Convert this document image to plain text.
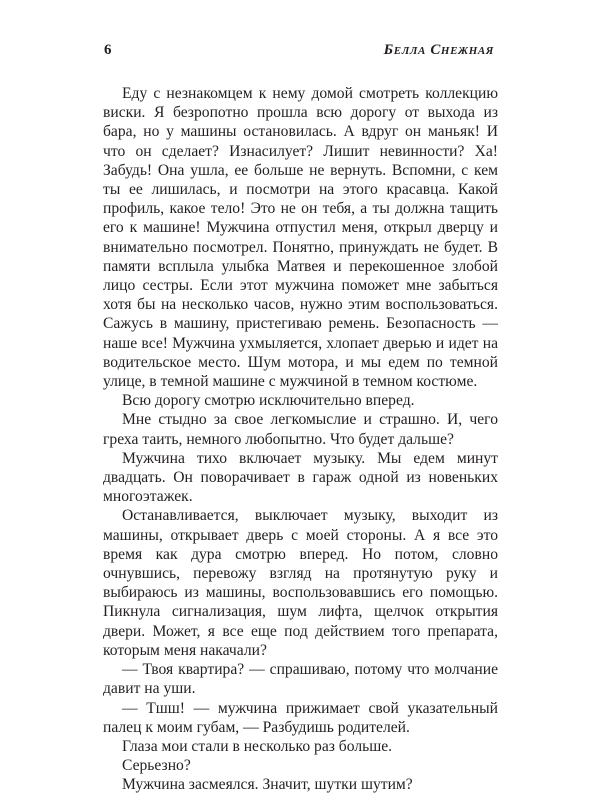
6	Белла Снежная

Еду с незнакомцем к нему домой смотреть коллекцию виски. Я безропотно прошла всю дорогу от выхода из бара, но у машины остановилась. А вдруг он маньяк! И что он сделает? Изнасилует? Лишит невинности? Ха! Забудь! Она ушла, ее больше не вернуть. Вспомни, с кем ты ее лишилась, и посмотри на этого красавца. Какой профиль, какое тело! Это не он тебя, а ты должна тащить его к машине! Мужчина отпустил меня, открыл дверцу и внимательно посмотрел. Понятно, принуждать не будет. В памяти всплыла улыбка Матвея и перекошенное злобой лицо сестры. Если этот мужчина поможет мне забыться хотя бы на несколько часов, нужно этим воспользоваться. Сажусь в машину, пристегиваю ремень. Безопасность — наше все! Мужчина ухмыляется, хлопает дверью и идет на водительское место. Шум мотора, и мы едем по темной улице, в темной машине с мужчиной в темном костюме.

Всю дорогу смотрю исключительно вперед.

Мне стыдно за свое легкомыслие и страшно. И, чего греха таить, немного любопытно. Что будет дальше?

Мужчина тихо включает музыку. Мы едем минут двадцать. Он поворачивает в гараж одной из новеньких многоэтажек.

Останавливается, выключает музыку, выходит из машины, открывает дверь с моей стороны. А я все это время как дура смотрю вперед. Но потом, словно очнувшись, перевожу взгляд на протянутую руку и выбираюсь из машины, воспользовавшись его помощью. Пикнула сигнализация, шум лифта, щелчок открытия двери. Может, я все еще под действием того препарата, которым меня накачали?

— Твоя квартира? — спрашиваю, потому что молчание давит на уши.

— Тшш! — мужчина прижимает свой указательный палец к моим губам, — Разбудишь родителей.

Глаза мои стали в несколько раз больше.

Серьезно?

Мужчина засмеялся. Значит, шутки шутим?
